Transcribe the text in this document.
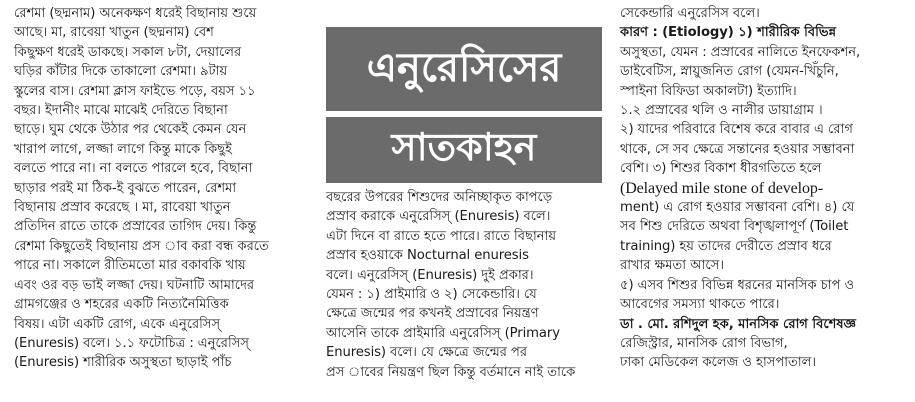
রেশমা (ছদ্মনাম) অনেকক্ষণ ধরেই বিছানায় শুয়ে

আছে। মা, রাবেয়া খাতুন (ছদ্মনাম) বেশ

কিছুক্ষণ ধরেই ডাকছে। সকাল ৮টা, দেয়ালের

ঘড়ির কাঁটার দিকে তাকালো রেশমা। ৯টায়

স্কুলের বাস। রেশমা ক্লাস ফাইভে পড়ে, বয়স ১১

বছর। ইদানীং মাঝে মাঝেই দেরিতে বিছানা

ছাড়ে। ঘুম থেকে উঠার পর থেকেই কেমন যেন

খারাপ লাগে, লজ্জা লাগে কিন্তু মাকে কিছুই

বলতে পারে না। না বলতে পারলে হবে, বিছানা

ছাড়ার পরই মা ঠিক-ই বুঝতে পারেন, রেশমা

বিছানায় প্রস্রাব করেছে । মা, রাবেয়া খাতুন

প্রতিদিন রাতে তাকে প্রস্রাবের তাগিদ দেয়। কিন্তু

রেশমা কিছুতেই বিছানায় প্রস াব করা বন্ধ করতে

পারে না। সকালে রীতিমতো মার বকাবকি খায়

এবং ওর বড় ভাই লজ্জা দেয়। ঘটনাটি আমাদের

গ্রামগঞ্জের ও শহরের একটি নিত্যনৈমিত্তিক

বিষয়। এটা একটি রোগ, একে এনুরেসিস্

(Enuresis) বলে। ১.১ ফটোচিত্র : এনুরেসিস্

(Enuresis) শারীরিক অসুস্থতা ছাড়াই পাঁচ

এনুরেসিসের
সাতকাহন

বছরের উপরের শিশুদের অনিচ্ছাকৃত কাপড়ে

প্রস্রাব করাকে এনুরেসিস্ (Enuresis) বলে।

এটা দিনে বা রাতে হতে পারে। রাতে বিছানায়

প্রস্রাব হওয়াকে Nocturnal enuresis

বলে। এনুরেসিস্ (Enuresis) দুই প্রকার।

যেমন : ১) প্রাইমারি ও ২) সেকেন্ডারি। যে

ক্ষেত্রে জন্মের পর কখনই প্রস্রাবের নিয়ন্ত্রণ

আসেনি তাকে প্রাইমারি এনুরেসিস্ (Primary

Enuresis) বলে। যে ক্ষেত্রে জন্মের পর

প্রস াবের নিয়ন্ত্রণ ছিল কিন্তু বর্তমানে নাই তাকে

সেকেন্ডারি এনুরেসিস বলে।

কারণ : (Etiology) ১) শারীরিক বিভিন্ন

অসুস্থতা, যেমন : প্রস্রাবের নালিতে ইনফেকশন,

ডাইবেটিস, স্নায়ুজনিত রোগ (যেমন-খিঁচুনি,

স্পাইনা বিফিডা অকালটা) ইত্যাদি।

১.২ প্রস্রাবের থলি ও নালীর ডায়াগ্রাম ।

২) যাদের পরিবারে বিশেষ করে বাবার এ রোগ

থাকে, সে সব ক্ষেত্রে সন্তানের হওয়ার সম্ভাবনা

বেশি। ৩) শিশুর বিকাশ ধীরগতিতে হলে

(Delayed mile stone of develop-

ment) এ রোগ হওয়ার সম্ভাবনা বেশি। ৪) যে

সব শিশু দেরিতে অথবা বিশৃঙ্খলাপূর্ণ (Toilet

training) হয় তাদের দেরীতে প্রস্রাব ধরে

রাখার ক্ষমতা আসে।

৫) এসব শিশুর বিভিন্ন ধরনের মানসিক চাপ ও

আবেগের সমস্যা থাকতে পারে।

ডা . মো. রশিদুল হক, মানসিক রোগ বিশেষজ্ঞ

রেজিস্ট্রার, মানসিক রোগ বিভাগ,

ঢাকা মেডিকেল কলেজ ও হাসপাতাল।
